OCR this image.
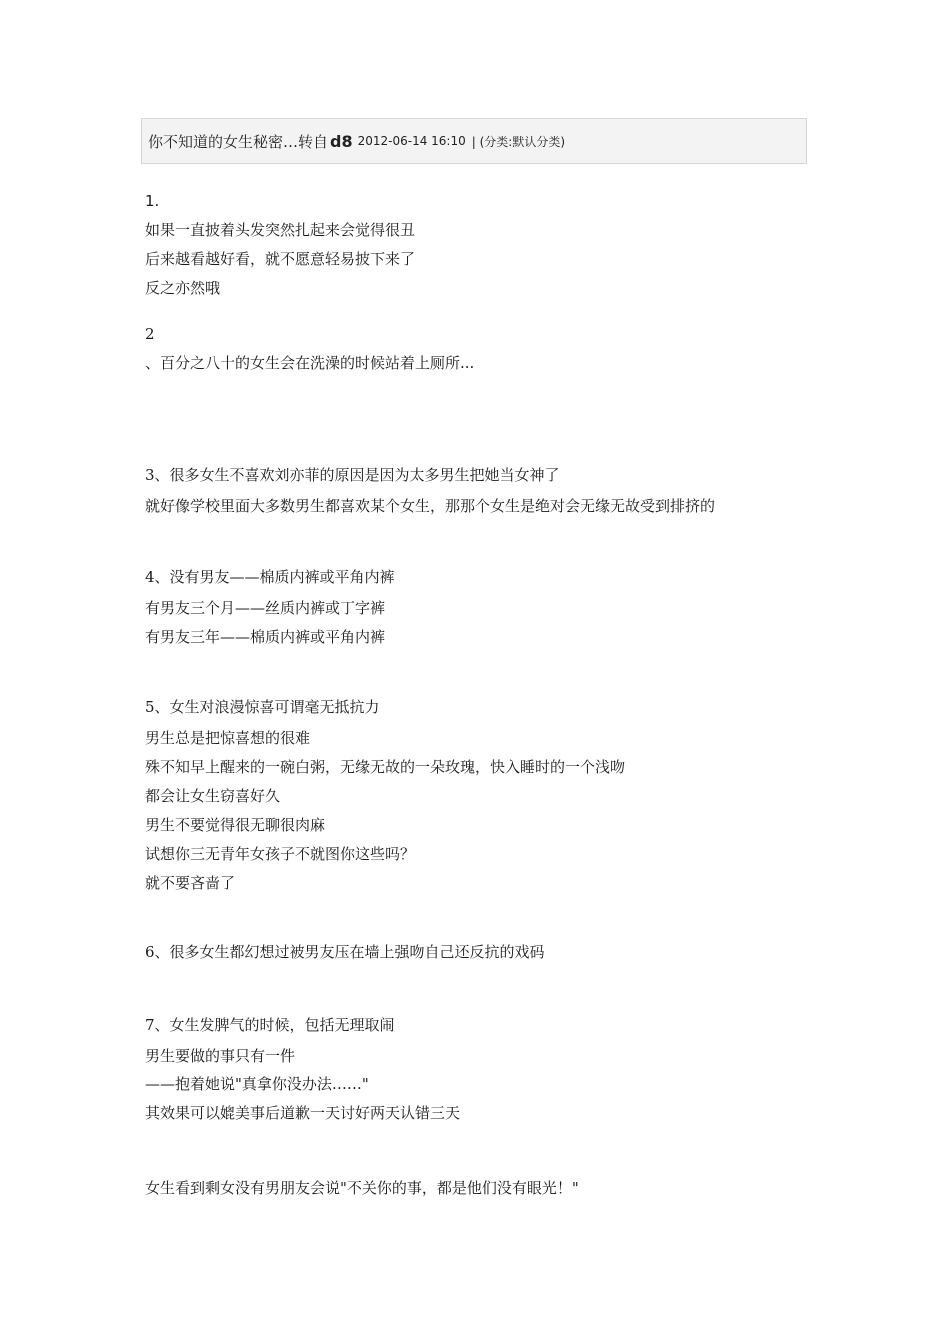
你不知道的女生秘密…转自 d8 2012-06-14 16:10 | (分类:默认分类)
1.
如果一直披着头发突然扎起来会觉得很丑
后来越看越好看，就不愿意轻易披下来了
反之亦然哦
2
、百分之八十的女生会在洗澡的时候站着上厕所...
3、很多女生不喜欢刘亦菲的原因是因为太多男生把她当女神了
就好像学校里面大多数男生都喜欢某个女生，那那个女生是绝对会无缘无故受到排挤的
4、没有男友——棉质内裤或平角内裤
有男友三个月——丝质内裤或丁字裤
有男友三年——棉质内裤或平角内裤
5、女生对浪漫惊喜可谓毫无抵抗力
男生总是把惊喜想的很难
殊不知早上醒来的一碗白粥，无缘无故的一朵玫瑰，快入睡时的一个浅吻
都会让女生窃喜好久
男生不要觉得很无聊很肉麻
试想你三无青年女孩子不就图你这些吗？
就不要吝啬了
6、很多女生都幻想过被男友压在墙上强吻自己还反抗的戏码
7、女生发脾气的时候，包括无理取闹
男生要做的事只有一件
——抱着她说"真拿你没办法……"
其效果可以媲美事后道歉一天讨好两天认错三天
女生看到剩女没有男朋友会说"不关你的事，都是他们没有眼光！"
